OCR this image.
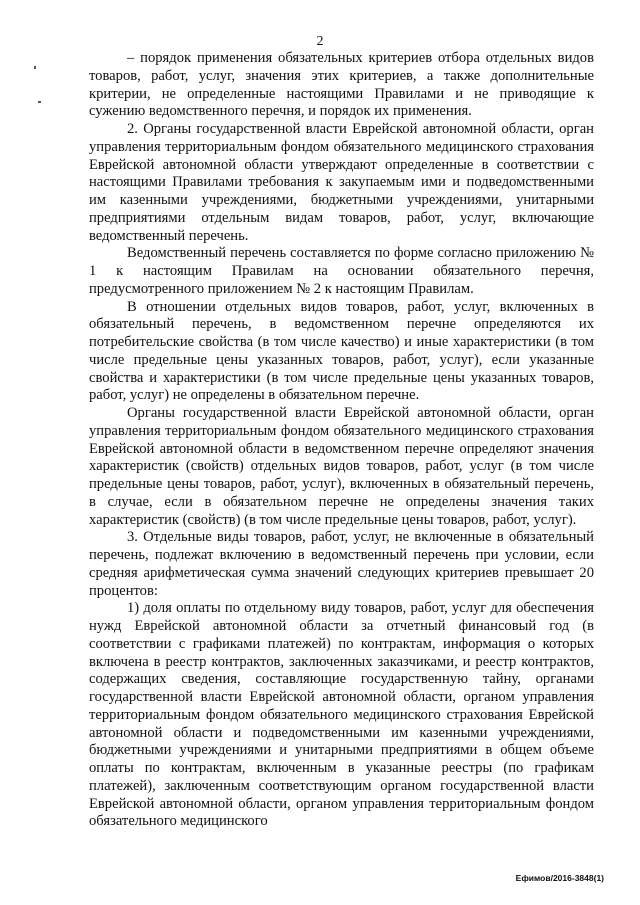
2

– порядок применения обязательных критериев отбора отдельных видов товаров, работ, услуг, значения этих критериев, а также дополнительные критерии, не определенные настоящими Правилами и не приводящие к сужению ведомственного перечня, и порядок их применения.

2. Органы государственной власти Еврейской автономной области, орган управления территориальным фондом обязательного медицинского страхования Еврейской автономной области утверждают определенные в соответствии с настоящими Правилами требования к закупаемым ими и подведомственными им казенными учреждениями, бюджетными учреждениями, унитарными предприятиями отдельным видам товаров, работ, услуг, включающие ведомственный перечень.

Ведомственный перечень составляется по форме согласно приложению № 1 к настоящим Правилам на основании обязательного перечня, предусмотренного приложением № 2 к настоящим Правилам.

В отношении отдельных видов товаров, работ, услуг, включенных в обязательный перечень, в ведомственном перечне определяются их потребительские свойства (в том числе качество) и иные характеристики (в том числе предельные цены указанных товаров, работ, услуг), если указанные свойства и характеристики (в том числе предельные цены указанных товаров, работ, услуг) не определены в обязательном перечне.

Органы государственной власти Еврейской автономной области, орган управления территориальным фондом обязательного медицинского страхования Еврейской автономной области в ведомственном перечне определяют значения характеристик (свойств) отдельных видов товаров, работ, услуг (в том числе предельные цены товаров, работ, услуг), включенных в обязательный перечень, в случае, если в обязательном перечне не определены значения таких характеристик (свойств) (в том числе предельные цены товаров, работ, услуг).

3. Отдельные виды товаров, работ, услуг, не включенные в обязательный перечень, подлежат включению в ведомственный перечень при условии, если средняя арифметическая сумма значений следующих критериев превышает 20 процентов:

1) доля оплаты по отдельному виду товаров, работ, услуг для обеспечения нужд Еврейской автономной области за отчетный финансовый год (в соответствии с графиками платежей) по контрактам, информация о которых включена в реестр контрактов, заключенных заказчиками, и реестр контрактов, содержащих сведения, составляющие государственную тайну, органами государственной власти Еврейской автономной области, органом управления территориальным фондом обязательного медицинского страхования Еврейской автономной области и подведомственными им казенными учреждениями, бюджетными учреждениями и унитарными предприятиями в общем объеме оплаты по контрактам, включенным в указанные реестры (по графикам платежей), заключенным соответствующим органом государственной власти Еврейской автономной области, органом управления территориальным фондом обязательного медицинского

Ефимов/2016-3848(1)
